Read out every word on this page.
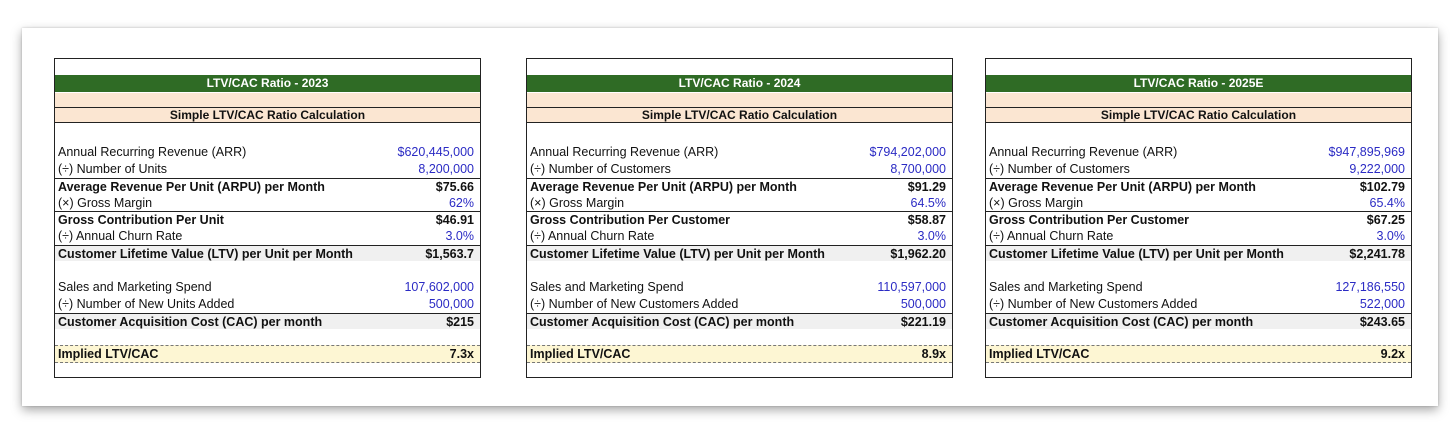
LTV/CAC Ratio - 2023
Simple LTV/CAC Ratio Calculation
Annual Recurring Revenue (ARR)	$620,445,000
(÷) Number of Units	8,200,000
Average Revenue Per Unit (ARPU) per Month	$75.66
(×) Gross Margin	62%
Gross Contribution Per Unit	$46.91
(÷) Annual Churn Rate	3.0%
Customer Lifetime Value (LTV) per Unit per Month	$1,563.7
Sales and Marketing Spend	107,602,000
(÷) Number of New Units Added	500,000
Customer Acquisition Cost (CAC) per month	$215
Implied LTV/CAC	7.3x
LTV/CAC Ratio - 2024
Simple LTV/CAC Ratio Calculation
Annual Recurring Revenue (ARR)	$794,202,000
(÷) Number of Customers	8,700,000
Average Revenue Per Unit (ARPU) per Month	$91.29
(×) Gross Margin	64.5%
Gross Contribution Per Customer	$58.87
(÷) Annual Churn Rate	3.0%
Customer Lifetime Value (LTV) per Unit per Month	$1,962.20
Sales and Marketing Spend	110,597,000
(÷) Number of New Customers Added	500,000
Customer Acquisition Cost (CAC) per month	$221.19
Implied LTV/CAC	8.9x
LTV/CAC Ratio - 2025E
Simple LTV/CAC Ratio Calculation
Annual Recurring Revenue (ARR)	$947,895,969
(÷) Number of Customers	9,222,000
Average Revenue Per Unit (ARPU) per Month	$102.79
(×) Gross Margin	65.4%
Gross Contribution Per Customer	$67.25
(÷) Annual Churn Rate	3.0%
Customer Lifetime Value (LTV) per Unit per Month	$2,241.78
Sales and Marketing Spend	127,186,550
(÷) Number of New Customers Added	522,000
Customer Acquisition Cost (CAC) per month	$243.65
Implied LTV/CAC	9.2x
